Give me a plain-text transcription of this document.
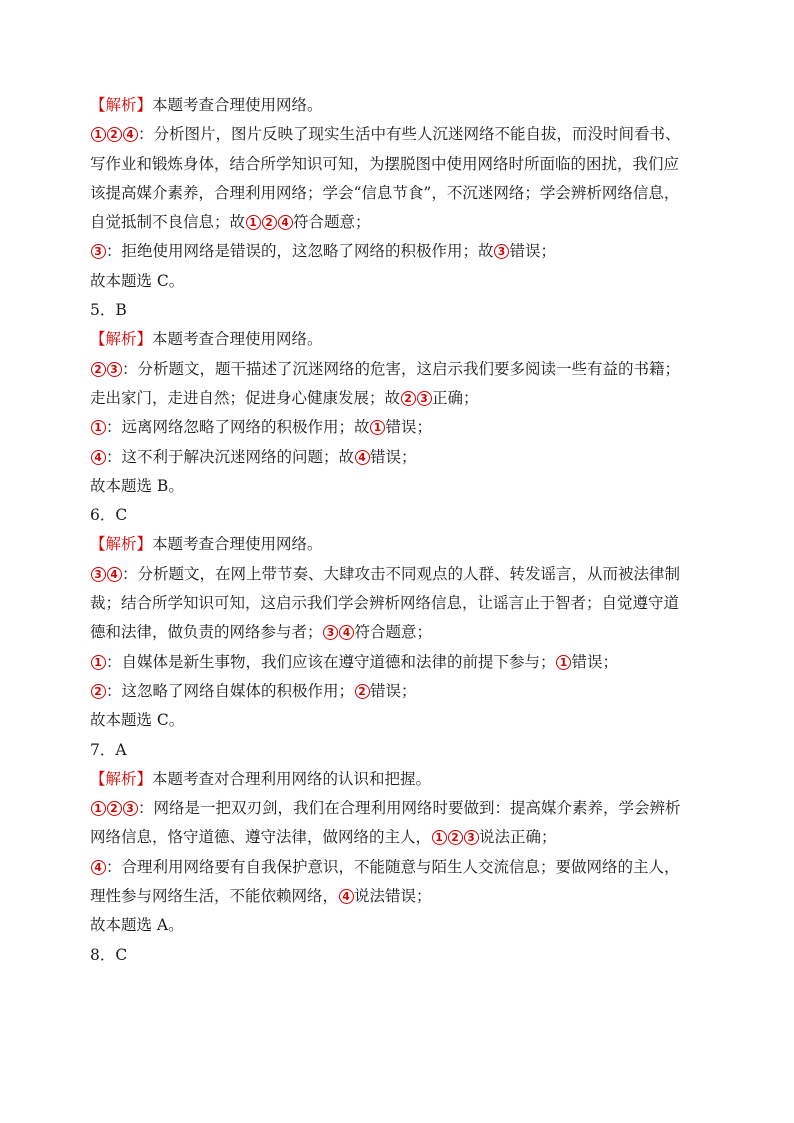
【解析】本题考查合理使用网络。
1 2 4 ：分析图片，图片反映了现实生活中有些人沉迷网络不能自拔，而没时间看书、
写作业和锻炼身体，结合所学知识可知，为摆脱图中使用网络时所面临的困扰，我们应
该提高媒介素养，合理利用网络；学会“信息节食”，不沉迷网络；学会辨析网络信息，
自觉抵制不良信息；故 1 2 4 符合题意；
3 ：拒绝使用网络是错误的，这忽略了网络的积极作用；故 3 错误；
故本题选 C。
5．B
【解析】本题考查合理使用网络。
2 3 ：分析题文，题干描述了沉迷网络的危害，这启示我们要多阅读一些有益的书籍；
走出家门，走进自然；促进身心健康发展；故 2 3 正确；
1 ：远离网络忽略了网络的积极作用；故 1 错误；
4 ：这不利于解决沉迷网络的问题；故 4 错误；
故本题选 B。
6．C
【解析】本题考查合理使用网络。
3 4 ：分析题文，在网上带节奏、大肆攻击不同观点的人群、转发谣言，从而被法律制
裁；结合所学知识可知，这启示我们学会辨析网络信息，让谣言止于智者；自觉遵守道
德和法律，做负责的网络参与者； 3 4 符合题意；
1 ：自媒体是新生事物，我们应该在遵守道德和法律的前提下参与； 1 错误；
2 ：这忽略了网络自媒体的积极作用； 2 错误；
故本题选 C。
7．A
【解析】本题考查对合理利用网络的认识和把握。
1 2 3 ：网络是一把双刃剑，我们在合理利用网络时要做到：提高媒介素养，学会辨析
网络信息，恪守道德、遵守法律，做网络的主人， 1 2 3 说法正确；
4 ：合理利用网络要有自我保护意识，不能随意与陌生人交流信息；要做网络的主人，
理性参与网络生活，不能依赖网络， 4 说法错误；
故本题选 A。
8．C
